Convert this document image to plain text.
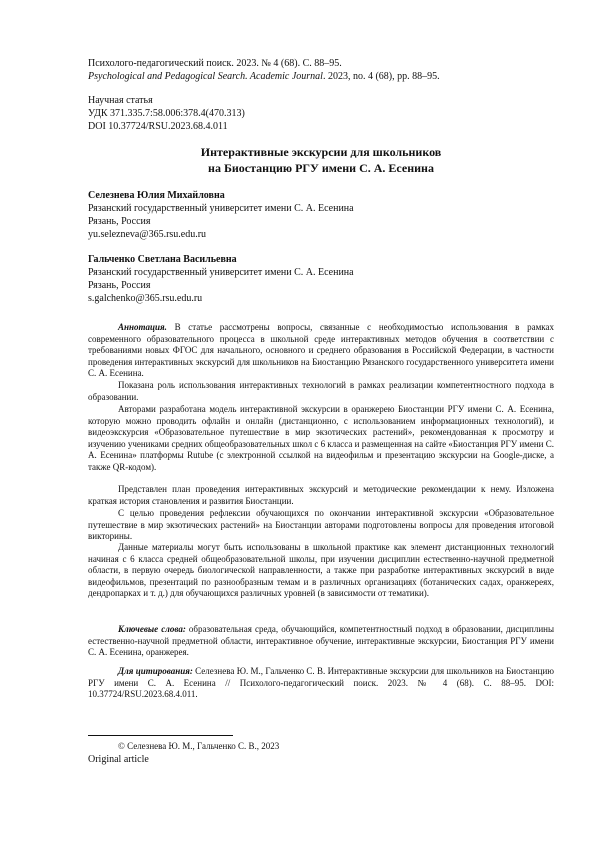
Психолого-педагогический поиск. 2023. № 4 (68). С. 88–95.
Psychological and Pedagogical Search. Academic Journal. 2023, no. 4 (68), pp. 88–95.
Научная статья
УДК 371.335.7:58.006:378.4(470.313)
DOI 10.37724/RSU.2023.68.4.011
Интерактивные экскурсии для школьников
на Биостанцию РГУ имени С. А. Есенина
Селезнева Юлия Михайловна
Рязанский государственный университет имени С. А. Есенина
Рязань, Россия
yu.selezneva@365.rsu.edu.ru
Гальченко Светлана Васильевна
Рязанский государственный университет имени С. А. Есенина
Рязань, Россия
s.galchenko@365.rsu.edu.ru
Аннотация. В статье рассмотрены вопросы, связанные с необходимостью использования в рамках современного образовательного процесса в школьной среде интерактивных методов обучения в соответствии с требованиями новых ФГОС для начального, основного и среднего образования в Российской Федерации, в частности проведения интерактивных экскурсий для школьников на Биостанцию Рязанского государственного университета имени С. А. Есенина.
Показана роль использования интерактивных технологий в рамках реализации компетентностного подхода в образовании.
Авторами разработана модель интерактивной экскурсии в оранжерею Биостанции РГУ имени С. А. Есенина, которую можно проводить офлайн и онлайн (дистанционно, с использованием информационных технологий), и видеоэкскурсия «Образовательное путешествие в мир экзотических растений», рекомендованная к просмотру и изучению учениками средних общеобразовательных школ с 6 класса и размещенная на сайте «Биостанция РГУ имени С. А. Есенина» платформы Rutube (с электронной ссылкой на видеофильм и презентацию экскурсии на Google-диске, а также QR-кодом).
Представлен план проведения интерактивных экскурсий и методические рекомендации к нему. Изложена краткая история становления и развития Биостанции.
С целью проведения рефлексии обучающихся по окончании интерактивной экскурсии «Образовательное путешествие в мир экзотических растений» на Биостанции авторами подготовлены вопросы для проведения итоговой викторины.
Данные материалы могут быть использованы в школьной практике как элемент дистанционных технологий начиная с 6 класса средней общеобразовательной школы, при изучении дисциплин естественно-научной предметной области, в первую очередь биологической направленности, а также при разработке интерактивных экскурсий в виде видеофильмов, презентаций по разнообразным темам и в различных организациях (ботанических садах, оранжереях, дендропарках и т. д.) для обучающихся различных уровней (в зависимости от тематики).
Ключевые слова: образовательная среда, обучающийся, компетентностный подход в образовании, дисциплины естественно-научной предметной области, интерактивное обучение, интерактивные экскурсии, Биостанция РГУ имени С. А. Есенина, оранжерея.
Для цитирования: Селезнева Ю. М., Гальченко С. В. Интерактивные экскурсии для школьников на Биостанцию РГУ имени С. А. Есенина // Психолого-педагогический поиск. 2023. № 4 (68). С. 88–95. DOI: 10.37724/RSU.2023.68.4.011.
© Селезнева Ю. М., Гальченко С. В., 2023
Original article
